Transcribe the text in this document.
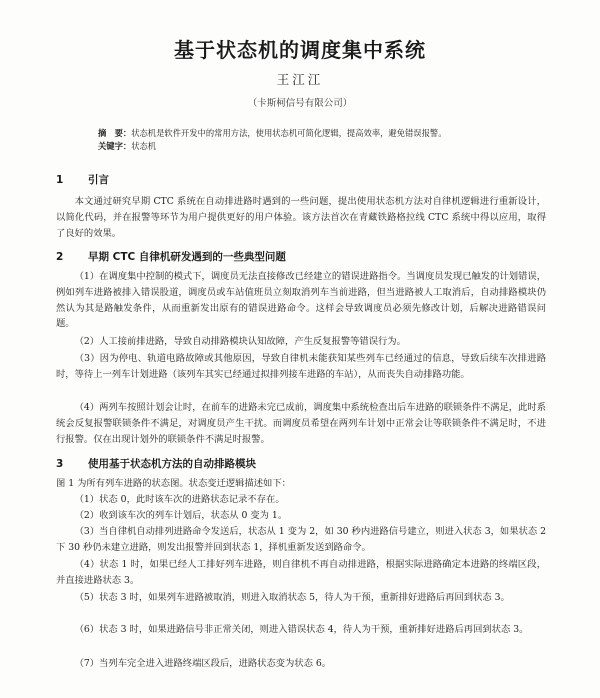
基于状态机的调度集中系统
王江江
（卡斯柯信号有限公司）
摘　要：状态机是软件开发中的常用方法，使用状态机可简化逻辑，提高效率，避免错误报警。
关键字：状态机
1 引言

本文通过研究早期 CTC 系统在自动排进路时遇到的一些问题，提出使用状态机方法对自律机逻辑进行重新设计，以简化代码，并在报警等环节为用户提供更好的用户体验。该方法首次在青藏铁路格拉线 CTC 系统中得以应用，取得了良好的效果。

2 早期 CTC 自律机研发遇到的一些典型问题

（1）在调度集中控制的模式下，调度员无法直接修改已经建立的错误进路指令。当调度员发现已触发的计划错误，例如列车进路被排入错误股道，调度员或车站值班员立刻取消列车当前进路，但当进路被人工取消后，自动排路模块仍然认为其是路触发条件，从而重新发出原有的错误进路命令。这样会导致调度员必须先修改计划，后解决进路错误问题。

（2）人工接前排进路，导致自动排路模块认知故障，产生反复报警等错误行为。

（3）因为停电、轨道电路故障或其他原因，导致自律机未能获知某些列车已经通过的信息，导致后续车次排进路时，等待上一列车计划进路（该列车其实已经通过拟排列接车进路的车站），从而丧失自动排路功能。

（4）两列车按照计划会让时，在前车的进路未完已成前，调度集中系统检查出后车进路的联锁条件不满足，此时系统会反复报警联锁条件不满足，对调度员产生干扰。而调度员希望在两列车计划中正常会让等联锁条件不满足时，不进行报警。仅在出现计划外的联锁条件不满足时报警。

3 使用基于状态机方法的自动排路模块

图 1 为所有列车进路的状态图。状态变迁逻辑描述如下：

（1）状态 0，此时该车次的进路状态记录不存在。

（2）收到该车次的列车计划后，状态从 0 变为 1。

（3）当自律机自动排列进路命令发送后，状态从 1 变为 2，如 30 秒内进路信号建立，则进入状态 3，如果状态 2 下 30 秒仍未建立进路，则发出报警并回到状态 1，择机重新发送到路命令。

（4）状态 1 时，如果已经人工排好列车进路，则自律机不再自动排进路，根据实际进路确定本进路的终端区段，并直接进路状态 3。

（5）状态 3 时，如果列车进路被取消，则进入取消状态 5，待人为干预，重新排好进路后再回到状态 3。

（6）状态 3 时，如果进路信号非正常关闭，则进入错误状态 4，待人为干预，重新排好进路后再回到状态 3。

（7）当列车完全进入进路终端区段后，进路状态变为状态 6。
